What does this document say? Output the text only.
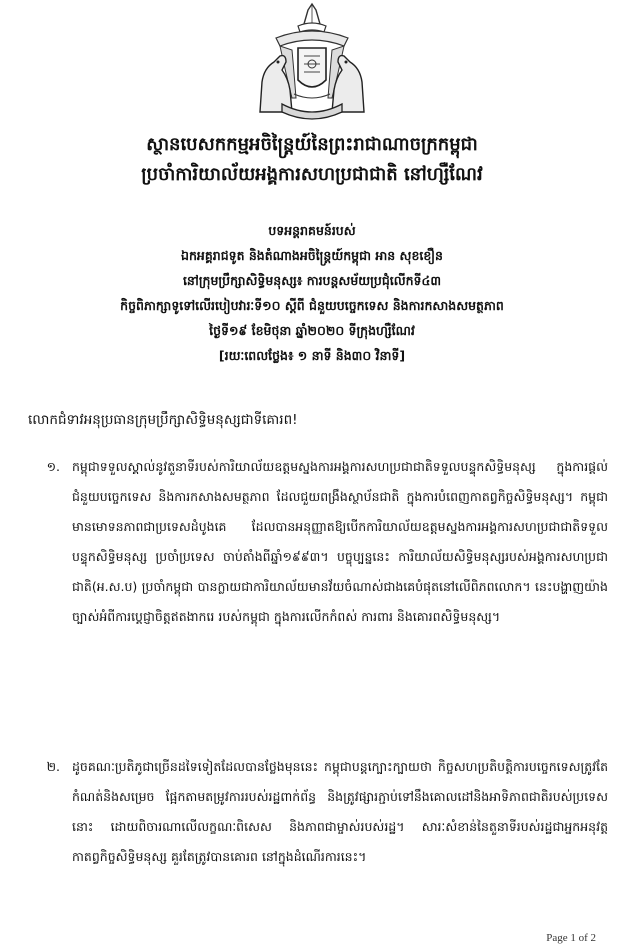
ស្ថានបេសកកម្មអចិន្ត្រៃយ៍នៃព្រះរាជាណាចក្រកម្ពុជា
ប្រចាំការិយាល័យអង្គការសហប្រជាជាតិ នៅហ្សឺណែវ
បទអន្តរាគមន៍របស់
ឯកអគ្គរាជទូត និងតំណាងអចិន្ត្រៃយ៍កម្ពុជា អាន សុខខឿន
នៅក្រុមប្រឹក្សាសិទ្ធិមនុស្ស៖ ការបន្តសម័យប្រជុំលើកទី៤៣
កិច្ចពិភាក្សាទូទៅលើរបៀបវារៈទី១០ ស្តីពី ជំនួយបច្ចេកទេស និងការកសាងសមត្ថភាព
ថ្ងៃទី១៩ ខែមិថុនា ឆ្នាំ២០២០ ទីក្រុងហ្សឺណែវ
[រយៈពេលថ្លែង៖ ១ នាទី និង៣០ វិនាទី]
លោកជំទាវអនុប្រធានក្រុមប្រឹក្សាសិទ្ធិមនុស្សជាទីគោរព!
១. កម្ពុជាទទួលស្គាល់នូវតួនាទីរបស់ការិយាល័យឧត្តមស្នងការអង្គការសហប្រជាជាតិទទួលបន្ទុកសិទ្ធិមនុស្ស ក្នុងការផ្តល់ជំនួយបច្ចេកទេស និងការកសាងសមត្ថភាព ដែលជួយពង្រឹងស្ថាប័នជាតិ ក្នុងការបំពេញកាតព្វកិច្ចសិទ្ធិមនុស្ស។ កម្ពុជាមានមោទនភាពជាប្រទេសដំបូងគេ ដែលបានអនុញ្ញាតឱ្យបើកការិយាល័យឧត្តមស្នងការអង្គការសហប្រជាជាតិទទួលបន្ទុកសិទ្ធិមនុស្ស ប្រចាំប្រទេស ចាប់តាំងពីឆ្នាំ១៩៩៣។ បច្ចុប្បន្ននេះ ការិយាល័យសិទ្ធិមនុស្សរបស់អង្គការសហប្រជាជាតិ(អ.ស.ប) ប្រចាំកម្ពុជា បានក្លាយជាការិយាល័យមានវ័យចំណាស់ជាងគេបំផុតនៅលើពិភពលោក។ នេះបង្ហាញយ៉ាងច្បាស់អំពីការប្តេជ្ញាចិត្តឥតងាករេ របស់កម្ពុជា ក្នុងការលើកកំពស់ ការពារ និងគោរពសិទ្ធិមនុស្ស។
២. ដូចគណៈប្រតិភូជាច្រើនដទៃទៀតដែលបានថ្លែងមុននេះ កម្ពុជាបន្តក្បោះក្បាយថា កិច្ចសហប្រតិបត្តិការបច្ចេកទេសត្រូវតែកំណត់និងសម្រេច ផ្អែកតាមតម្រូវការរបស់រដ្ឋពាក់ព័ន្ធ និងត្រូវផ្សារភ្ជាប់ទៅនឹងគោលដៅនិងអាទិភាពជាតិរបស់ប្រទេសនោះ ដោយពិចារណាលើលក្ខណៈពិសេស និងភាពជាម្ចាស់របស់រដ្ឋ។ សារៈសំខាន់នៃតួនាទីរបស់រដ្ឋជាអ្នកអនុវត្តកាតព្វកិច្ចសិទ្ធិមនុស្ស គួរតែត្រូវបានគោរព នៅក្នុងដំណើរការនេះ។
Page 1 of 2
